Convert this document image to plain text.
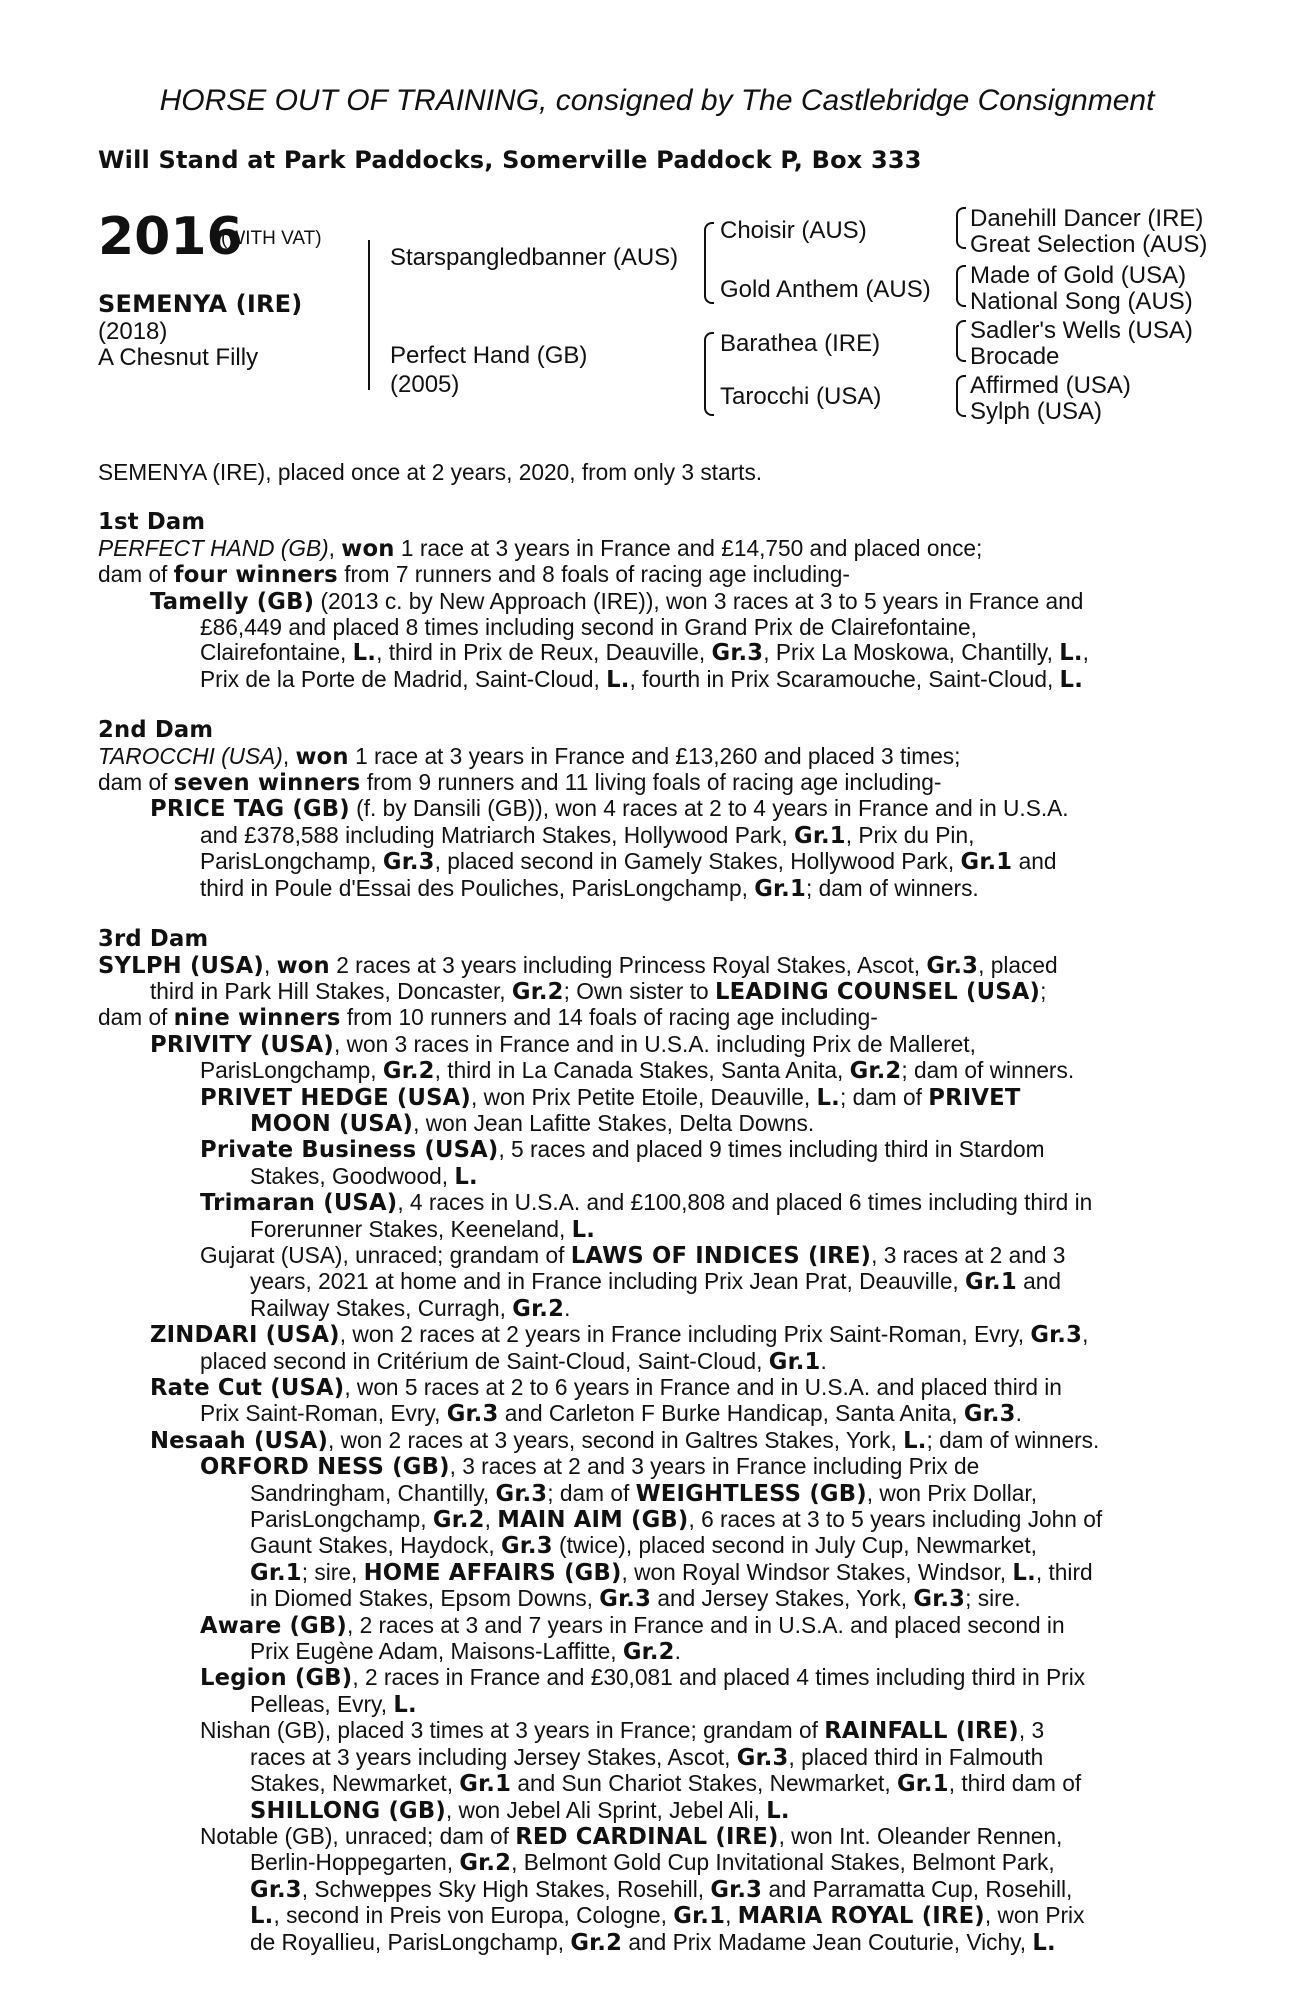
HORSE OUT OF TRAINING, consigned by The Castlebridge Consignment
Will Stand at Park Paddocks, Somerville Paddock P, Box 333
2016
(WITH VAT)
SEMENYA (IRE)
(2018)
A Chesnut Filly
Starspangledbanner (AUS)
Perfect Hand (GB)
(2005)
Choisir (AUS)
Gold Anthem (AUS)
Barathea (IRE)
Tarocchi (USA)
Danehill Dancer (IRE)
Great Selection (AUS)
Made of Gold (USA)
National Song (AUS)
Sadler's Wells (USA)
Brocade
Affirmed (USA)
Sylph (USA)

SEMENYA (IRE), placed once at 2 years, 2020, from only 3 starts.

1st Dam

PERFECT HAND (GB), won 1 race at 3 years in France and £14,750 and placed once;

dam of four winners from 7 runners and 8 foals of racing age including-

Tamelly (GB) (2013 c. by New Approach (IRE)), won 3 races at 3 to 5 years in France and

£86,449 and placed 8 times including second in Grand Prix de Clairefontaine,

Clairefontaine, L., third in Prix de Reux, Deauville, Gr.3, Prix La Moskowa, Chantilly, L.,

Prix de la Porte de Madrid, Saint-Cloud, L., fourth in Prix Scaramouche, Saint-Cloud, L.

2nd Dam

TAROCCHI (USA), won 1 race at 3 years in France and £13,260 and placed 3 times;

dam of seven winners from 9 runners and 11 living foals of racing age including-

PRICE TAG (GB) (f. by Dansili (GB)), won 4 races at 2 to 4 years in France and in U.S.A.

and £378,588 including Matriarch Stakes, Hollywood Park, Gr.1, Prix du Pin,

ParisLongchamp, Gr.3, placed second in Gamely Stakes, Hollywood Park, Gr.1 and

third in Poule d'Essai des Pouliches, ParisLongchamp, Gr.1; dam of winners.

3rd Dam

SYLPH (USA), won 2 races at 3 years including Princess Royal Stakes, Ascot, Gr.3, placed

third in Park Hill Stakes, Doncaster, Gr.2; Own sister to LEADING COUNSEL (USA);

dam of nine winners from 10 runners and 14 foals of racing age including-

PRIVITY (USA), won 3 races in France and in U.S.A. including Prix de Malleret,

ParisLongchamp, Gr.2, third in La Canada Stakes, Santa Anita, Gr.2; dam of winners.

PRIVET HEDGE (USA), won Prix Petite Etoile, Deauville, L.; dam of PRIVET

MOON (USA), won Jean Lafitte Stakes, Delta Downs.

Private Business (USA), 5 races and placed 9 times including third in Stardom

Stakes, Goodwood, L.

Trimaran (USA), 4 races in U.S.A. and £100,808 and placed 6 times including third in

Forerunner Stakes, Keeneland, L.

Gujarat (USA), unraced; grandam of LAWS OF INDICES (IRE), 3 races at 2 and 3

years, 2021 at home and in France including Prix Jean Prat, Deauville, Gr.1 and

Railway Stakes, Curragh, Gr.2.

ZINDARI (USA), won 2 races at 2 years in France including Prix Saint-Roman, Evry, Gr.3,

placed second in Critérium de Saint-Cloud, Saint-Cloud, Gr.1.

Rate Cut (USA), won 5 races at 2 to 6 years in France and in U.S.A. and placed third in

Prix Saint-Roman, Evry, Gr.3 and Carleton F Burke Handicap, Santa Anita, Gr.3.

Nesaah (USA), won 2 races at 3 years, second in Galtres Stakes, York, L.; dam of winners.

ORFORD NESS (GB), 3 races at 2 and 3 years in France including Prix de

Sandringham, Chantilly, Gr.3; dam of WEIGHTLESS (GB), won Prix Dollar,

ParisLongchamp, Gr.2, MAIN AIM (GB), 6 races at 3 to 5 years including John of

Gaunt Stakes, Haydock, Gr.3 (twice), placed second in July Cup, Newmarket,

Gr.1; sire, HOME AFFAIRS (GB), won Royal Windsor Stakes, Windsor, L., third

in Diomed Stakes, Epsom Downs, Gr.3 and Jersey Stakes, York, Gr.3; sire.

Aware (GB), 2 races at 3 and 7 years in France and in U.S.A. and placed second in

Prix Eugène Adam, Maisons-Laffitte, Gr.2.

Legion (GB), 2 races in France and £30,081 and placed 4 times including third in Prix

Pelleas, Evry, L.

Nishan (GB), placed 3 times at 3 years in France; grandam of RAINFALL (IRE), 3

races at 3 years including Jersey Stakes, Ascot, Gr.3, placed third in Falmouth

Stakes, Newmarket, Gr.1 and Sun Chariot Stakes, Newmarket, Gr.1, third dam of

SHILLONG (GB), won Jebel Ali Sprint, Jebel Ali, L.

Notable (GB), unraced; dam of RED CARDINAL (IRE), won Int. Oleander Rennen,

Berlin-Hoppegarten, Gr.2, Belmont Gold Cup Invitational Stakes, Belmont Park,

Gr.3, Schweppes Sky High Stakes, Rosehill, Gr.3 and Parramatta Cup, Rosehill,

L., second in Preis von Europa, Cologne, Gr.1, MARIA ROYAL (IRE), won Prix

de Royallieu, ParisLongchamp, Gr.2 and Prix Madame Jean Couturie, Vichy, L.
